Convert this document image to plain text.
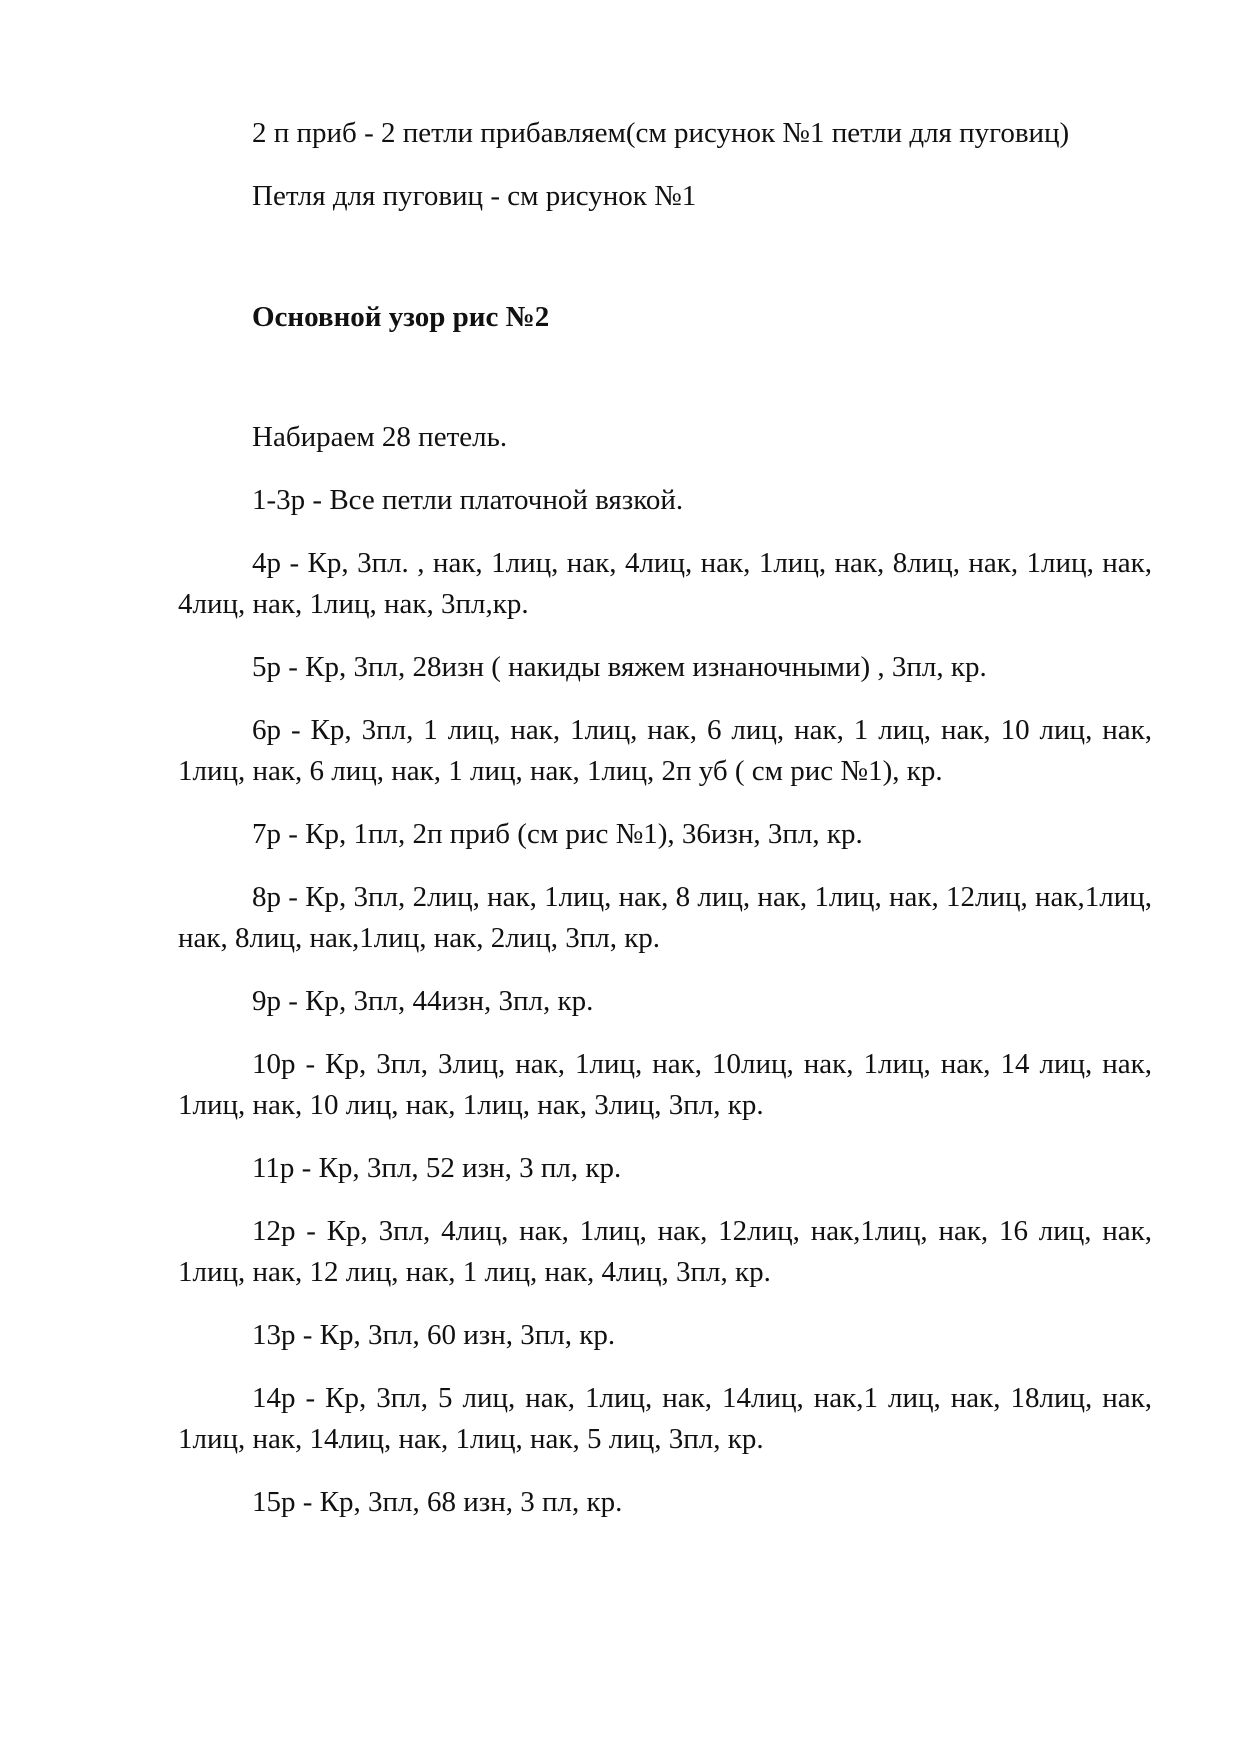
2 п приб - 2 петли прибавляем(см рисунок №1 петли для пуговиц)

Петля для пуговиц - см рисунок №1

Основной узор рис №2

Набираем 28 петель.

1-3р - Все петли платочной вязкой.

4р - Кр, 3пл. , нак, 1лиц, нак, 4лиц, нак, 1лиц, нак, 8лиц, нак, 1лиц, нак, 4лиц, нак, 1лиц, нак, 3пл,кр.

5р - Кр, 3пл, 28изн ( накиды вяжем изнаночными) , 3пл, кр.

6р - Кр, 3пл, 1 лиц, нак, 1лиц, нак, 6 лиц, нак, 1 лиц, нак, 10 лиц, нак, 1лиц, нак, 6 лиц, нак, 1 лиц, нак, 1лиц, 2п уб ( см рис №1), кр.

7р - Кр, 1пл, 2п приб (см рис №1), 36изн, 3пл, кр.

8р - Кр, 3пл, 2лиц, нак, 1лиц, нак, 8 лиц, нак, 1лиц, нак, 12лиц, нак,1лиц, нак, 8лиц, нак,1лиц, нак, 2лиц, 3пл, кр.

9р - Кр, 3пл, 44изн, 3пл, кр.

10р - Кр, 3пл, 3лиц, нак, 1лиц, нак, 10лиц, нак, 1лиц, нак, 14 лиц, нак, 1лиц, нак, 10 лиц, нак, 1лиц, нак, 3лиц, 3пл, кр.

11р - Кр, 3пл, 52 изн, 3 пл, кр.

12р - Кр, 3пл, 4лиц, нак, 1лиц, нак, 12лиц, нак,1лиц, нак, 16 лиц, нак, 1лиц, нак, 12 лиц, нак, 1 лиц, нак, 4лиц, 3пл, кр.

13р - Кр, 3пл, 60 изн, 3пл, кр.

14р - Кр, 3пл, 5 лиц, нак, 1лиц, нак, 14лиц, нак,1 лиц, нак, 18лиц, нак, 1лиц, нак, 14лиц, нак, 1лиц, нак, 5 лиц, 3пл, кр.

15р - Кр, 3пл, 68 изн, 3 пл, кр.
